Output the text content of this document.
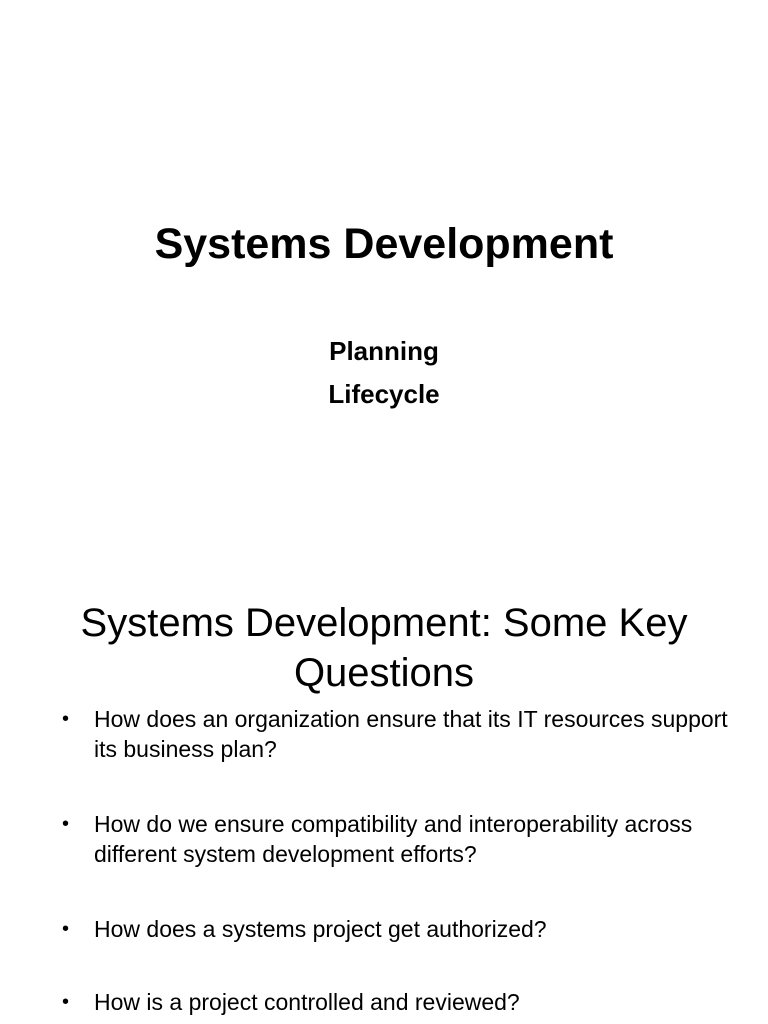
Systems Development
Planning
Lifecycle
Systems Development: Some Key
Questions
• How does an organization ensure that its IT resources support its business plan?
• How do we ensure compatibility and interoperability across different system development efforts?
• How does a systems project get authorized?
• How is a project controlled and reviewed?
